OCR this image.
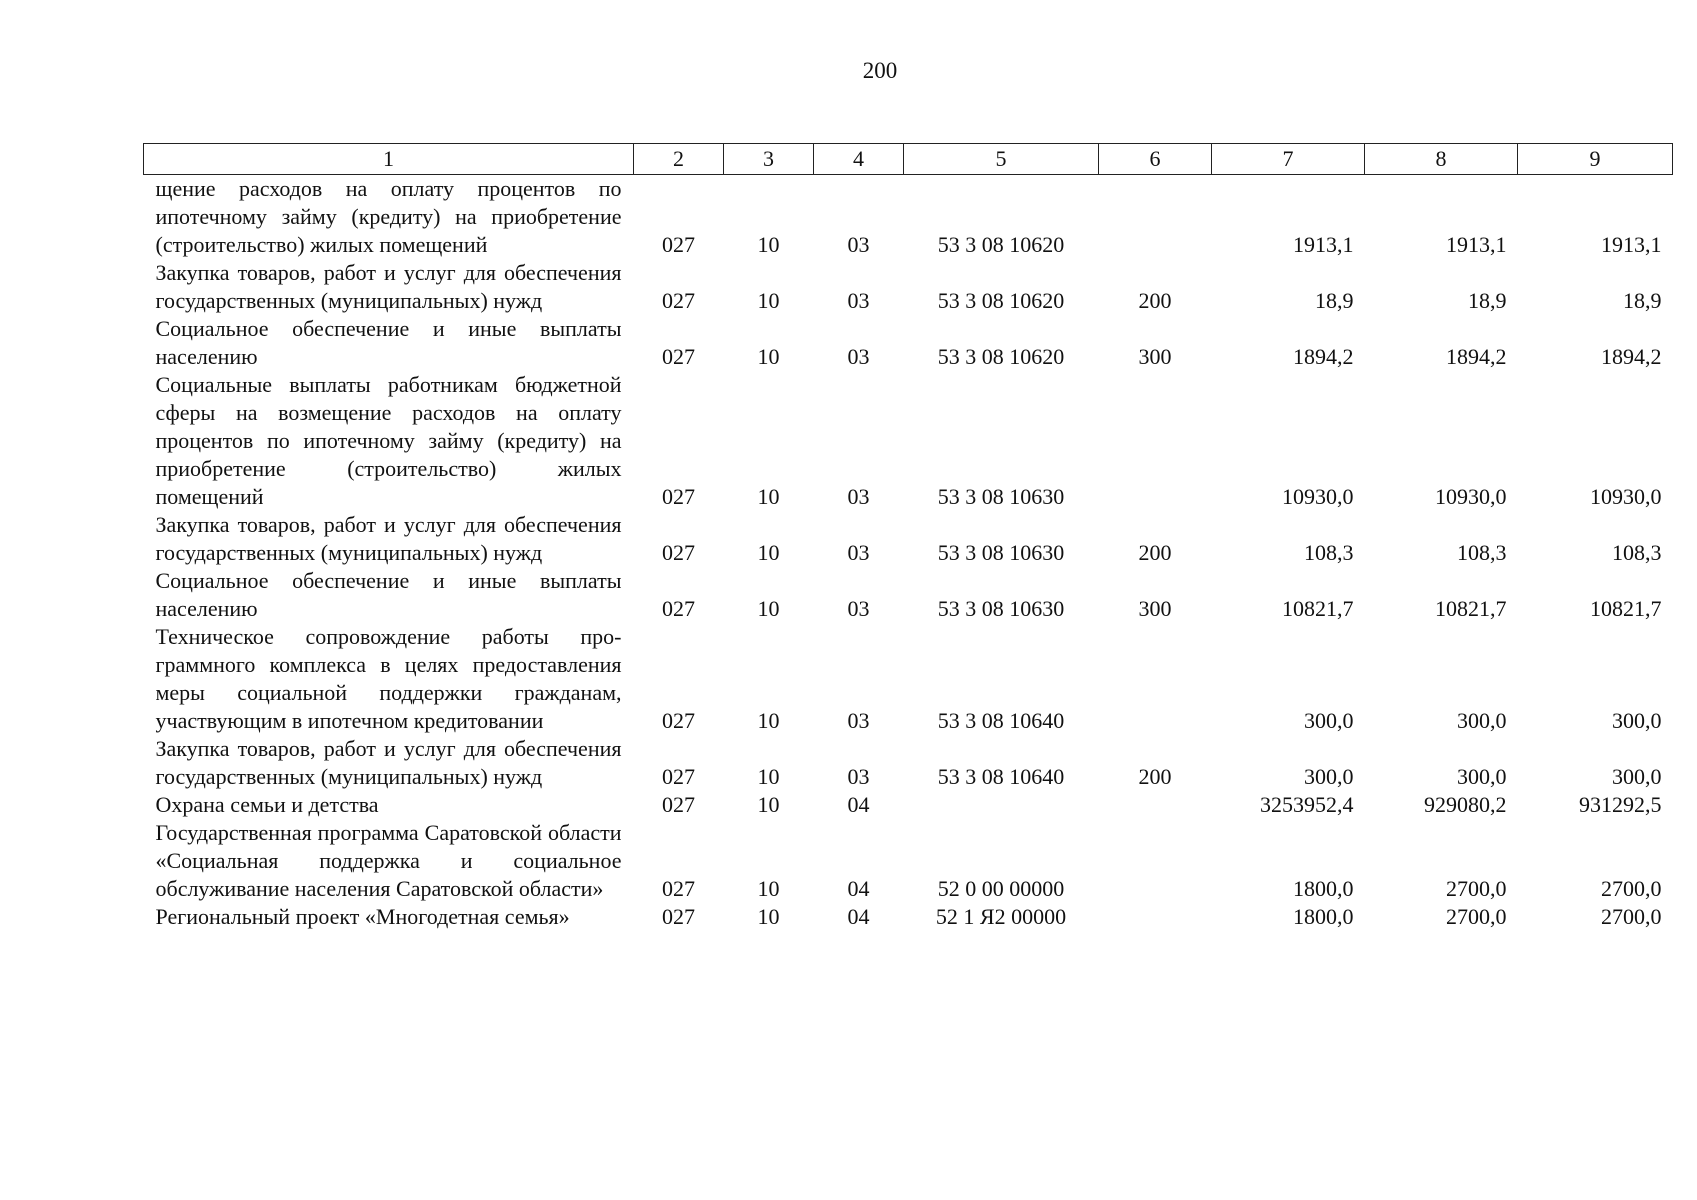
200
1	2	3	4	5	6	7	8	9
щение расходов на оплату процентов по ипотечному займу (кредиту) на приобретение (строительство) жилых помещений	027	10	03	53 3 08 10620		1913,1	1913,1	1913,1
Закупка товаров, работ и услуг для обеспечения государственных (муниципальных) нужд	027	10	03	53 3 08 10620	200	18,9	18,9	18,9
Социальное обеспечение и иные выплаты населению	027	10	03	53 3 08 10620	300	1894,2	1894,2	1894,2
Социальные выплаты работникам бюджетной сферы на возмещение расходов на оплату процентов по ипотечному займу (кредиту) на приобретение (строительство) жилых помещений	027	10	03	53 3 08 10630		10930,0	10930,0	10930,0
Закупка товаров, работ и услуг для обеспечения государственных (муниципальных) нужд	027	10	03	53 3 08 10630	200	108,3	108,3	108,3
Социальное обеспечение и иные выплаты населению	027	10	03	53 3 08 10630	300	10821,7	10821,7	10821,7
Техническое сопровождение работы программного комплекса в целях предоставления меры социальной поддержки гражданам, участвующим в ипотечном кредитовании	027	10	03	53 3 08 10640		300,0	300,0	300,0
Закупка товаров, работ и услуг для обеспечения государственных (муниципальных) нужд	027	10	03	53 3 08 10640	200	300,0	300,0	300,0
Охрана семьи и детства	027	10	04			3253952,4	929080,2	931292,5
Государственная программа Саратовской области «Социальная поддержка и социальное обслуживание населения Саратовской области»	027	10	04	52 0 00 00000		1800,0	2700,0	2700,0
Региональный проект «Многодетная семья»	027	10	04	52 1 Я2 00000		1800,0	2700,0	2700,0
